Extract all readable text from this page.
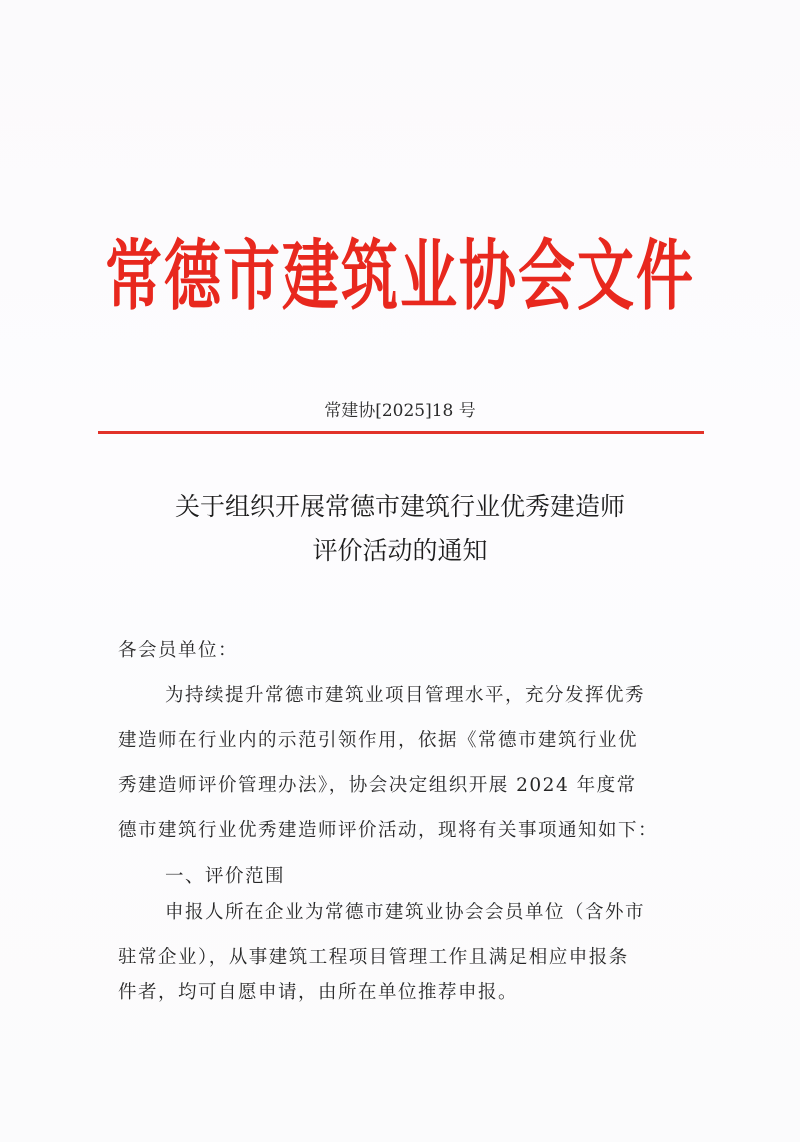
常德市建筑业协会文件
常建协[2025]18 号
关于组织开展常德市建筑行业优秀建造师
评价活动的通知
各会员单位：
为持续提升常德市建筑业项目管理水平，充分发挥优秀
建造师在行业内的示范引领作用，依据《常德市建筑行业优
秀建造师评价管理办法》，协会决定组织开展 2024 年度常
德市建筑行业优秀建造师评价活动，现将有关事项通知如下：
一、评价范围
申报人所在企业为常德市建筑业协会会员单位（含外市
驻常企业），从事建筑工程项目管理工作且满足相应申报条
件者，均可自愿申请，由所在单位推荐申报。
